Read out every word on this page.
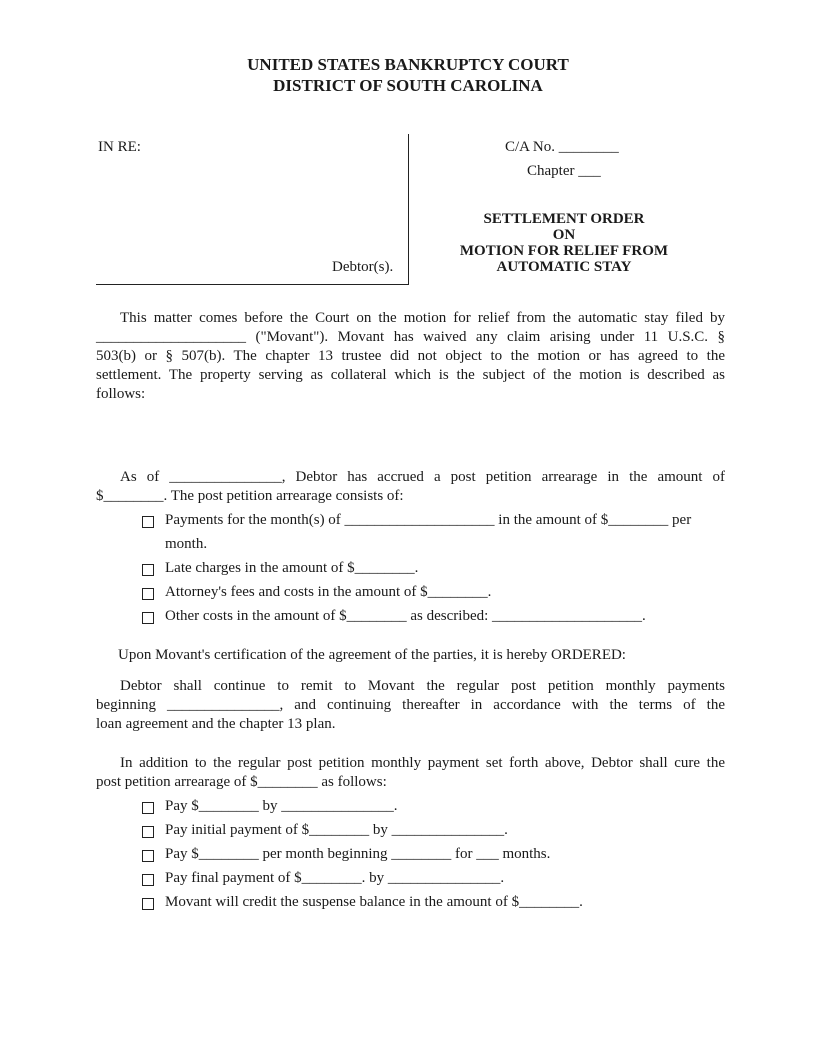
UNITED STATES BANKRUPTCY COURT
DISTRICT OF SOUTH CAROLINA
IN RE:
Debtor(s).
C/A No. ________
Chapter ___
SETTLEMENT ORDER
ON
MOTION FOR RELIEF FROM
AUTOMATIC STAY
This matter comes before the Court on the motion for relief from the automatic stay filed by
____________________ ("Movant"). Movant has waived any claim arising under 11 U.S.C. §
503(b) or § 507(b). The chapter 13 trustee did not object to the motion or has agreed to the
settlement. The property serving as collateral which is the subject of the motion is described as
follows:
As of _______________, Debtor has accrued a post petition arrearage in the amount of
$________. The post petition arrearage consists of:
Payments for the month(s) of ____________________ in the amount of $________ per
month.
Late charges in the amount of $________.
Attorney's fees and costs in the amount of $________.
Other costs in the amount of $________ as described: ____________________.
Upon Movant's certification of the agreement of the parties, it is hereby ORDERED:
Debtor shall continue to remit to Movant the regular post petition monthly payments
beginning _______________, and continuing thereafter in accordance with the terms of the
loan agreement and the chapter 13 plan.
In addition to the regular post petition monthly payment set forth above, Debtor shall cure the
post petition arrearage of $________ as follows:
Pay $________ by _______________.
Pay initial payment of $________ by _______________.
Pay $________ per month beginning ________ for ___ months.
Pay final payment of $________. by _______________.
Movant will credit the suspense balance in the amount of $________.
